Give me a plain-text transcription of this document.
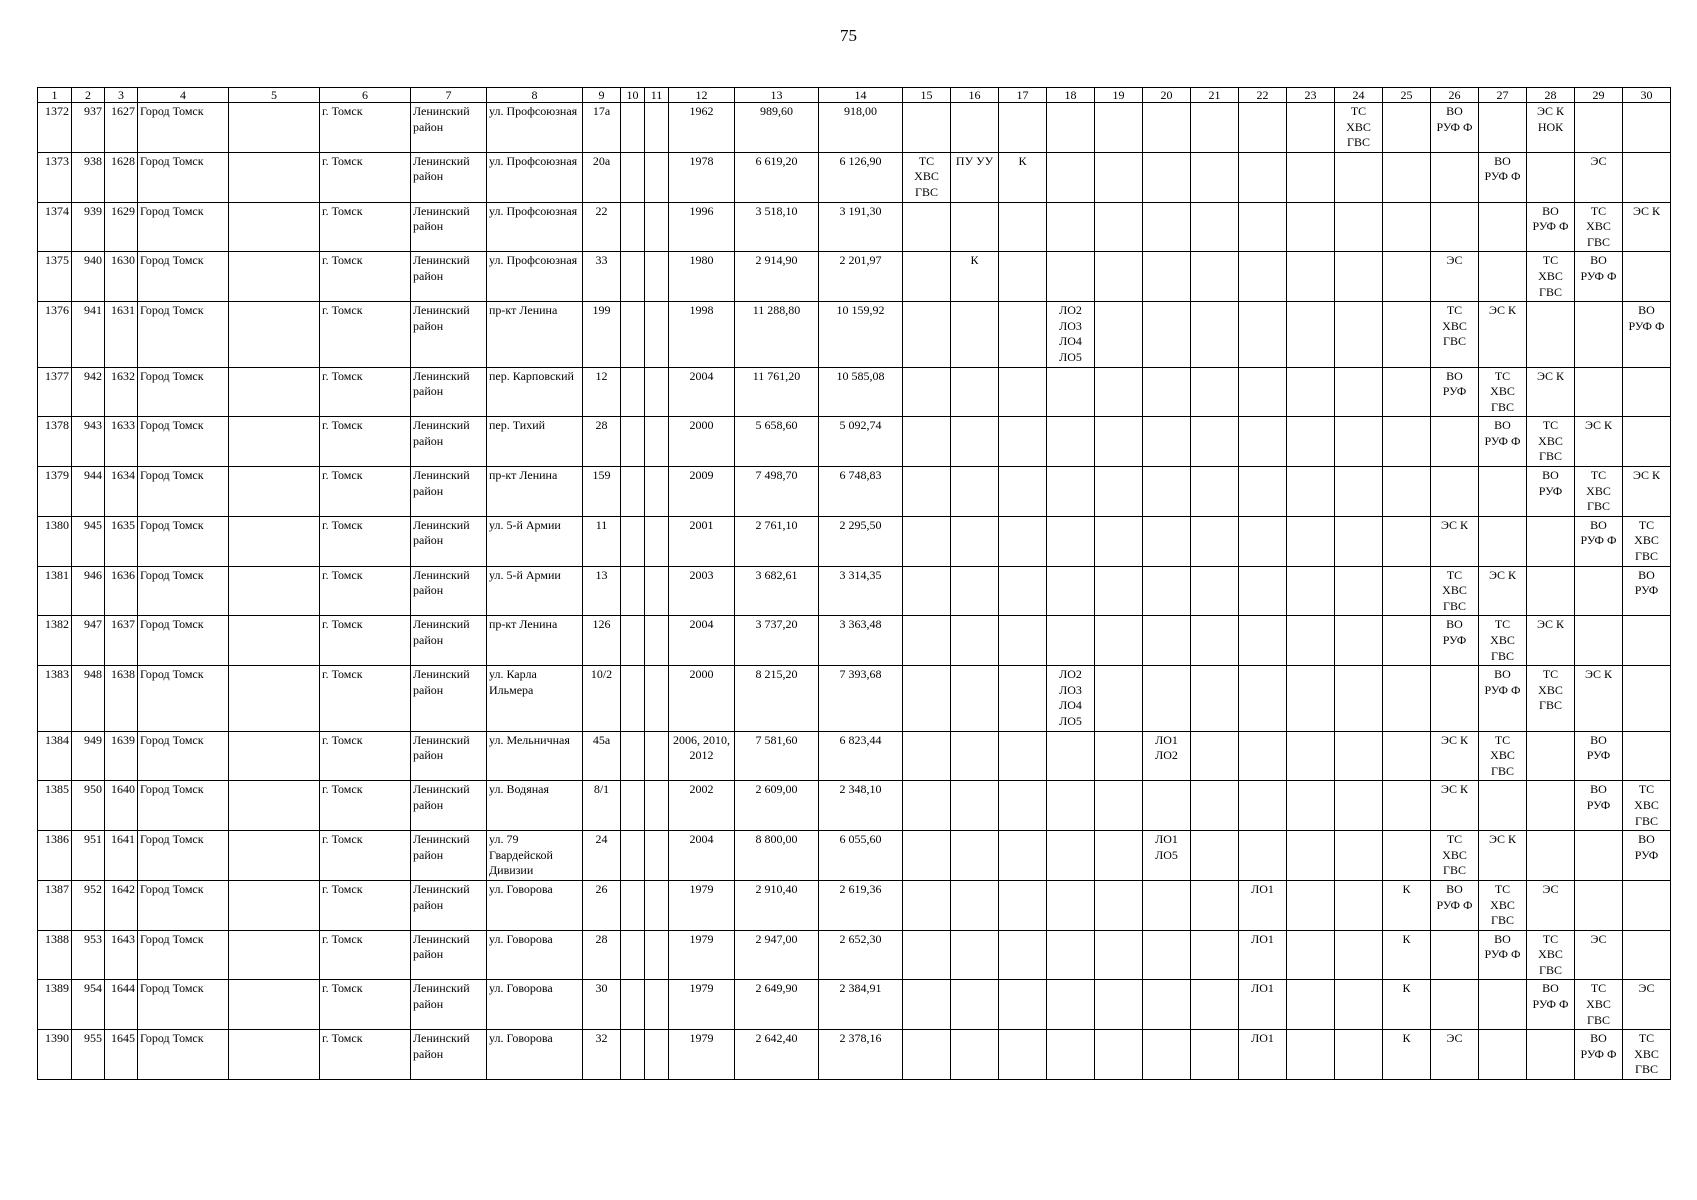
75
1	2	3	4	5	6	7	8	9	10	11	12	13	14	15	16	17	18	19	20	21	22	23	24	25	26	27	28	29	30
1372	937	1627	Город Томск		г. Томск	Ленинский район	ул. Профсоюзная	17а			1962	989,60	918,00										ТС
ХВС
ГВС		ВО
РУФ Ф		ЭС К
НОК		
1373	938	1628	Город Томск		г. Томск	Ленинский район	ул. Профсоюзная	20а			1978	6 619,20	6 126,90	ТС
ХВС
ГВС	ПУ УУ	К										ВО
РУФ Ф		ЭС	
1374	939	1629	Город Томск		г. Томск	Ленинский район	ул. Профсоюзная	22			1996	3 518,10	3 191,30														ВО
РУФ Ф	ТС
ХВС
ГВС	ЭС К
1375	940	1630	Город Томск		г. Томск	Ленинский район	ул. Профсоюзная	33			1980	2 914,90	2 201,97		К										ЭС		ТС
ХВС
ГВС	ВО
РУФ Ф	
1376	941	1631	Город Томск		г. Томск	Ленинский район	пр-кт Ленина	199			1998	11 288,80	10 159,92				ЛО2
ЛО3
ЛО4
ЛО5								ТС
ХВС
ГВС	ЭС К			ВО
РУФ Ф
1377	942	1632	Город Томск		г. Томск	Ленинский район	пер. Карповский	12			2004	11 761,20	10 585,08												ВО
РУФ	ТС
ХВС
ГВС	ЭС К		
1378	943	1633	Город Томск		г. Томск	Ленинский район	пер. Тихий	28			2000	5 658,60	5 092,74													ВО
РУФ Ф	ТС
ХВС
ГВС	ЭС К	
1379	944	1634	Город Томск		г. Томск	Ленинский район	пр-кт Ленина	159			2009	7 498,70	6 748,83														ВО
РУФ	ТС
ХВС
ГВС	ЭС К
1380	945	1635	Город Томск		г. Томск	Ленинский район	ул. 5-й Армии	11			2001	2 761,10	2 295,50												ЭС К			ВО
РУФ Ф	ТС
ХВС
ГВС
1381	946	1636	Город Томск		г. Томск	Ленинский район	ул. 5-й Армии	13			2003	3 682,61	3 314,35												ТС
ХВС
ГВС	ЭС К			ВО
РУФ
1382	947	1637	Город Томск		г. Томск	Ленинский район	пр-кт Ленина	126			2004	3 737,20	3 363,48												ВО
РУФ	ТС
ХВС
ГВС	ЭС К		
1383	948	1638	Город Томск		г. Томск	Ленинский район	ул. Карла Ильмера	10/2			2000	8 215,20	7 393,68				ЛО2
ЛО3
ЛО4
ЛО5									ВО
РУФ Ф	ТС
ХВС
ГВС	ЭС К	
1384	949	1639	Город Томск		г. Томск	Ленинский район	ул. Мельничная	45а			2006, 2010, 2012	7 581,60	6 823,44						ЛО1
ЛО2						ЭС К	ТС
ХВС
ГВС		ВО
РУФ	
1385	950	1640	Город Томск		г. Томск	Ленинский район	ул. Водяная	8/1			2002	2 609,00	2 348,10												ЭС К			ВО
РУФ	ТС
ХВС
ГВС
1386	951	1641	Город Томск		г. Томск	Ленинский район	ул. 79 Гвардейской Дивизии	24			2004	8 800,00	6 055,60						ЛО1
ЛО5						ТС
ХВС
ГВС	ЭС К			ВО
РУФ
1387	952	1642	Город Томск		г. Томск	Ленинский район	ул. Говорова	26			1979	2 910,40	2 619,36								ЛО1			К	ВО
РУФ Ф	ТС
ХВС
ГВС	ЭС		
1388	953	1643	Город Томск		г. Томск	Ленинский район	ул. Говорова	28			1979	2 947,00	2 652,30								ЛО1			К		ВО
РУФ Ф	ТС
ХВС
ГВС	ЭС	
1389	954	1644	Город Томск		г. Томск	Ленинский район	ул. Говорова	30			1979	2 649,90	2 384,91								ЛО1			К			ВО
РУФ Ф	ТС
ХВС
ГВС	ЭС
1390	955	1645	Город Томск		г. Томск	Ленинский район	ул. Говорова	32			1979	2 642,40	2 378,16								ЛО1			К	ЭС			ВО
РУФ Ф	ТС
ХВС
ГВС
